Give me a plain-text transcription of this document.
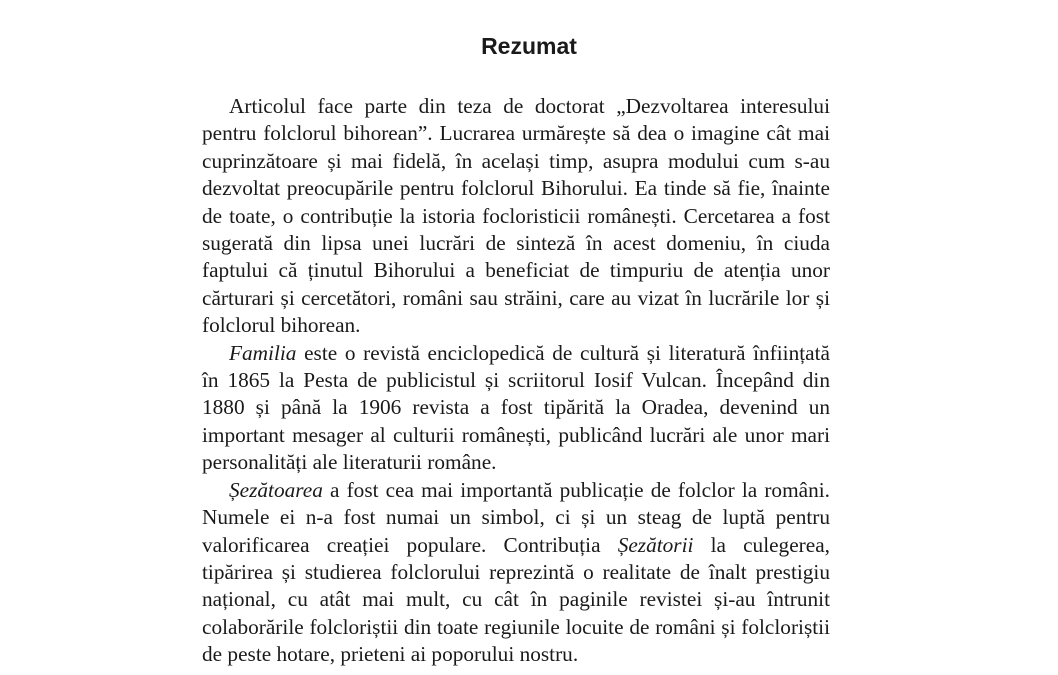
Rezumat

Articolul face parte din teza de doctorat „Dezvoltarea interesului pentru folclorul bihorean”. Lucrarea urmărește să dea o imagine cât mai cuprinzătoare și mai fidelă, în același timp, asupra modului cum s-au dezvoltat preocupările pentru folclorul Bihorului. Ea tinde să fie, înainte de toate, o contribuție la istoria focloristicii românești. Cercetarea a fost sugerată din lipsa unei lucrări de sinteză în acest domeniu, în ciuda faptului că ținutul Bihorului a beneficiat de timpuriu de atenția unor cărturari și cercetători, români sau străini, care au vizat în lucrările lor și folclorul bihorean.

Familia este o revistă enciclopedică de cultură și literatură înființată în 1865 la Pesta de publicistul și scriitorul Iosif Vulcan. Începând din 1880 și până la 1906 revista a fost tipărită la Oradea, devenind un important mesager al culturii românești, publicând lucrări ale unor mari personalități ale literaturii române.

Șezătoarea a fost cea mai importantă publicație de folclor la români. Numele ei n-a fost numai un simbol, ci și un steag de luptă pentru valorificarea creației populare. Contribuția Șezătorii la culegerea, tipărirea și studierea folclorului reprezintă o realitate de înalt prestigiu național, cu atât mai mult, cu cât în paginile revistei și-au întrunit colaborările folcloriștii din toate regiunile locuite de români și folcloriștii de peste hotare, prieteni ai poporului nostru.
